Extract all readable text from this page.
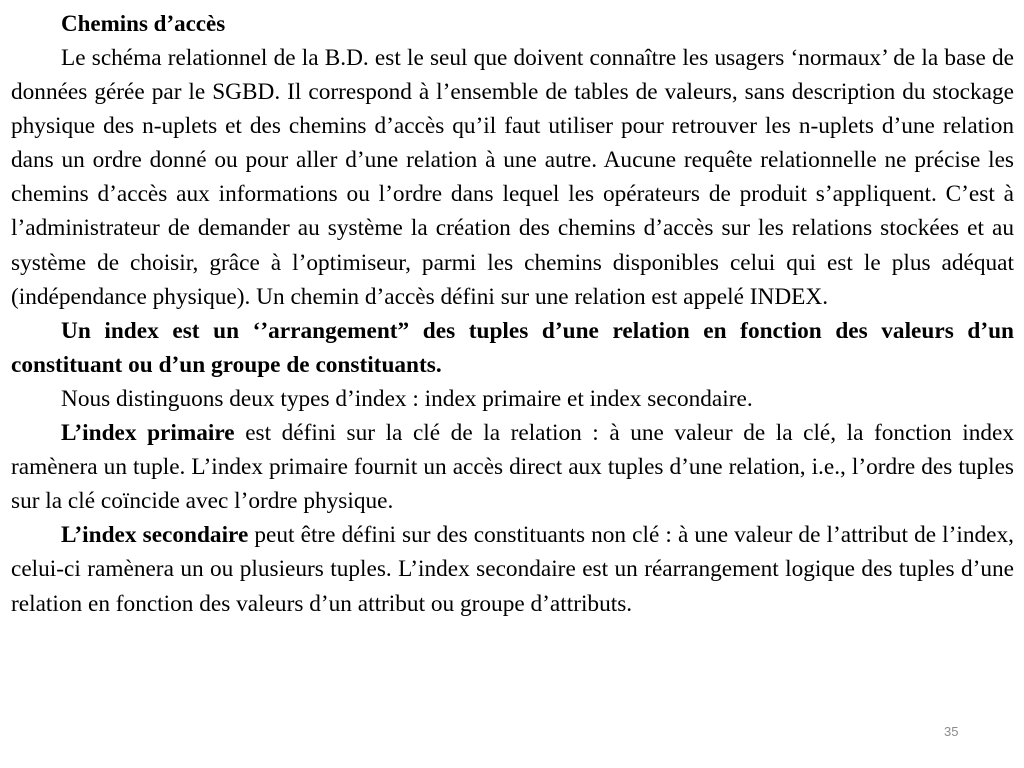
Chemins d’accès

Le schéma relationnel de la B.D. est le seul que doivent connaître les usagers ‘normaux’ de la base de données gérée par le SGBD. Il correspond à l’ensemble de tables de valeurs, sans description du stockage physique des n-uplets et des chemins d’accès qu’il faut utiliser pour retrouver les n-uplets d’une relation dans un ordre donné ou pour aller d’une relation à une autre. Aucune requête relationnelle ne précise les chemins d’accès aux informations ou l’ordre dans lequel les opérateurs de produit s’appliquent. C’est à l’administrateur de demander au système la création des chemins d’accès sur les relations stockées et au système de choisir, grâce à l’optimiseur, parmi les chemins disponibles celui qui est le plus adéquat (indépendance physique). Un chemin d’accès défini sur une relation est appelé INDEX.

Un index est un ‘’arrangement” des tuples d’une relation en fonction des valeurs d’un constituant ou d’un groupe de constituants.

Nous distinguons deux types d’index : index primaire et index secondaire.

L’index primaire est défini sur la clé de la relation : à une valeur de la clé, la fonction index ramènera un tuple. L’index primaire fournit un accès direct aux tuples d’une relation, i.e., l’ordre des tuples sur la clé coïncide avec l’ordre physique.

L’index secondaire peut être défini sur des constituants non clé : à une valeur de l’attribut de l’index, celui-ci ramènera un ou plusieurs tuples. L’index secondaire est un réarrangement logique des tuples d’une relation en fonction des valeurs d’un attribut ou groupe d’attributs.

35
